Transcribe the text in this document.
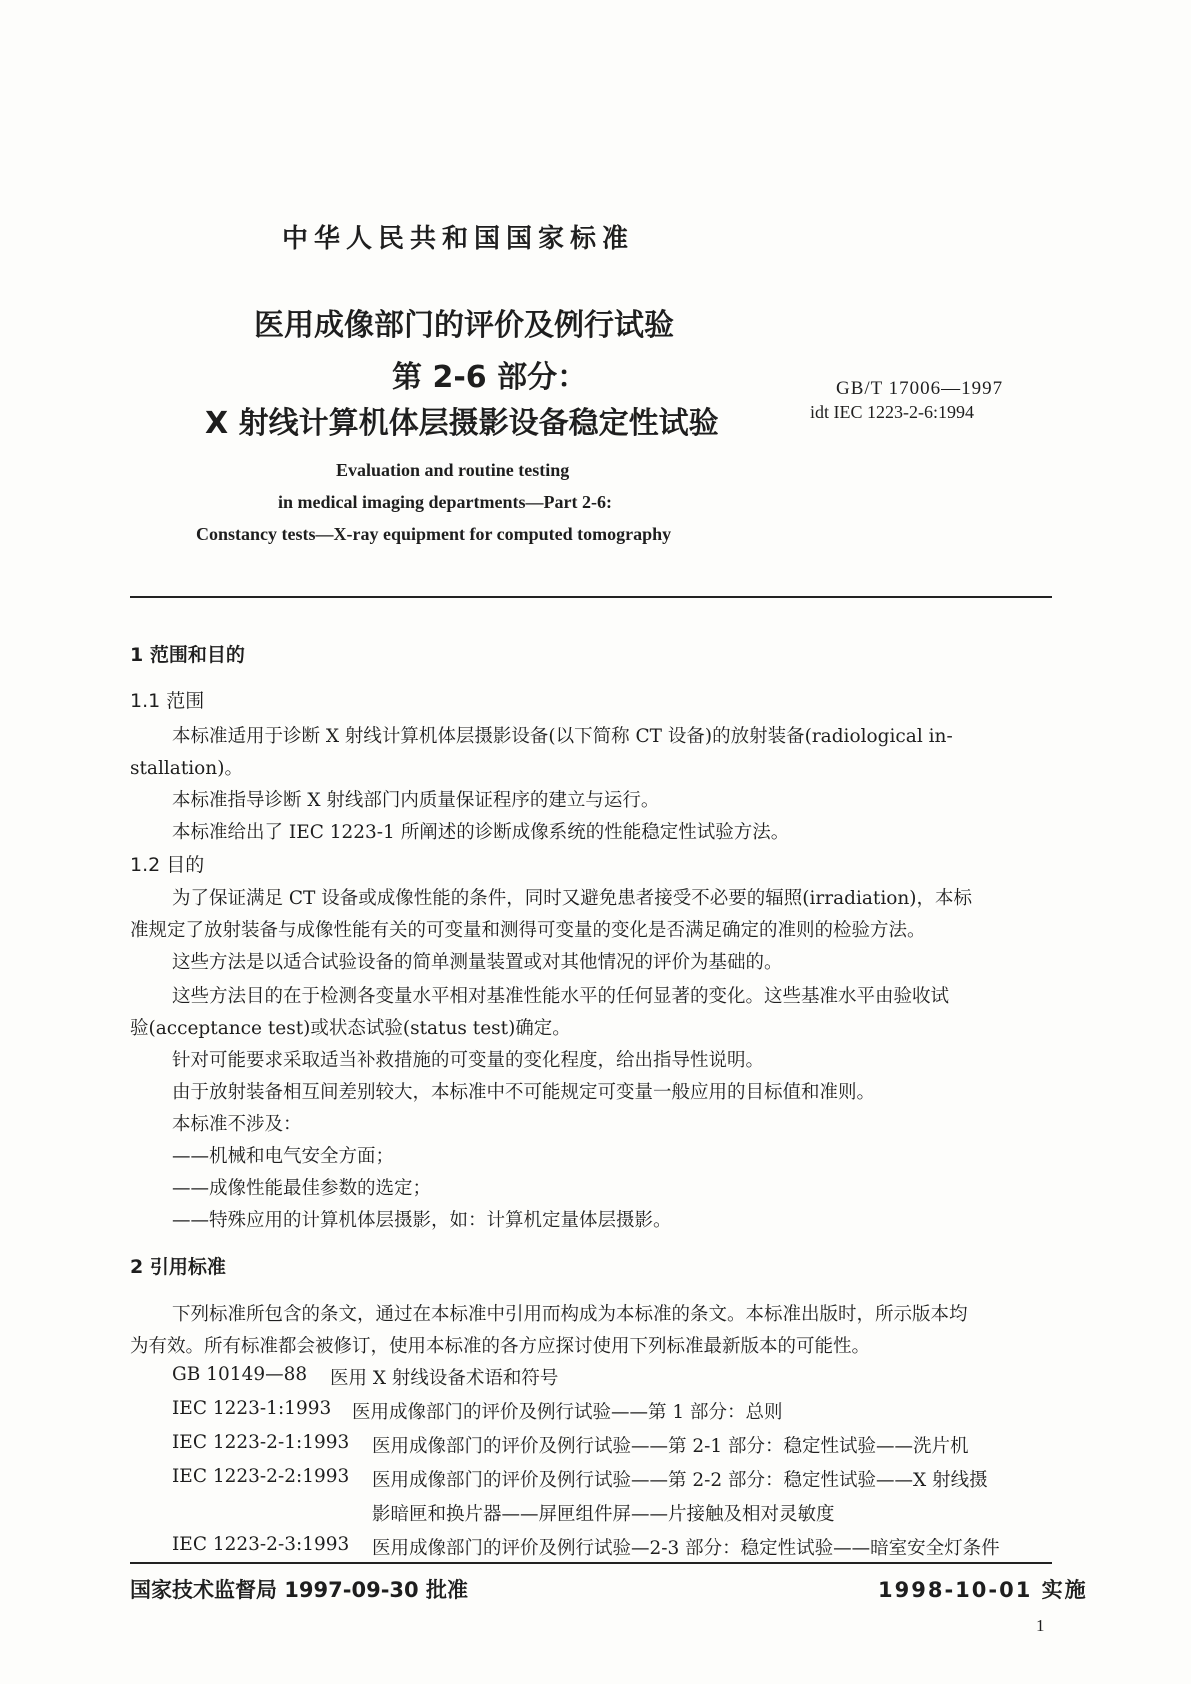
中华人民共和国国家标准
医用成像部门的评价及例行试验
第 2-6 部分：
X 射线计算机体层摄影设备稳定性试验
GB/T 17006—1997
idt IEC 1223-2-6:1994
Evaluation and routine testing
in medical imaging departments—Part 2-6:
Constancy tests—X-ray equipment for computed tomography
1 范围和目的
1.1 范围
本标准适用于诊断 X 射线计算机体层摄影设备(以下简称 CT 设备)的放射装备(radiological in-
stallation)。
本标准指导诊断 X 射线部门内质量保证程序的建立与运行。
本标准给出了 IEC 1223-1 所阐述的诊断成像系统的性能稳定性试验方法。
1.2 目的
为了保证满足 CT 设备或成像性能的条件，同时又避免患者接受不必要的辐照(irradiation)，本标
准规定了放射装备与成像性能有关的可变量和测得可变量的变化是否满足确定的准则的检验方法。
这些方法是以适合试验设备的简单测量装置或对其他情况的评价为基础的。
这些方法目的在于检测各变量水平相对基准性能水平的任何显著的变化。这些基准水平由验收试
验(acceptance test)或状态试验(status test)确定。
针对可能要求采取适当补救措施的可变量的变化程度，给出指导性说明。
由于放射装备相互间差别较大，本标准中不可能规定可变量一般应用的目标值和准则。
本标准不涉及：
——机械和电气安全方面；
——成像性能最佳参数的选定；
——特殊应用的计算机体层摄影，如：计算机定量体层摄影。
2 引用标准
下列标准所包含的条文，通过在本标准中引用而构成为本标准的条文。本标准出版时，所示版本均
为有效。所有标准都会被修订，使用本标准的各方应探讨使用下列标准最新版本的可能性。
GB 10149—88 医用 X 射线设备术语和符号
IEC 1223-1:1993 医用成像部门的评价及例行试验——第 1 部分：总则
IEC 1223-2-1:1993 医用成像部门的评价及例行试验——第 2-1 部分：稳定性试验——洗片机
IEC 1223-2-2:1993 医用成像部门的评价及例行试验——第 2-2 部分：稳定性试验——X 射线摄
影暗匣和换片器——屏匣组件屏——片接触及相对灵敏度
IEC 1223-2-3:1993 医用成像部门的评价及例行试验—2-3 部分：稳定性试验——暗室安全灯条件
国家技术监督局 1997-09-30 批准	1998-10-01 实施
1
